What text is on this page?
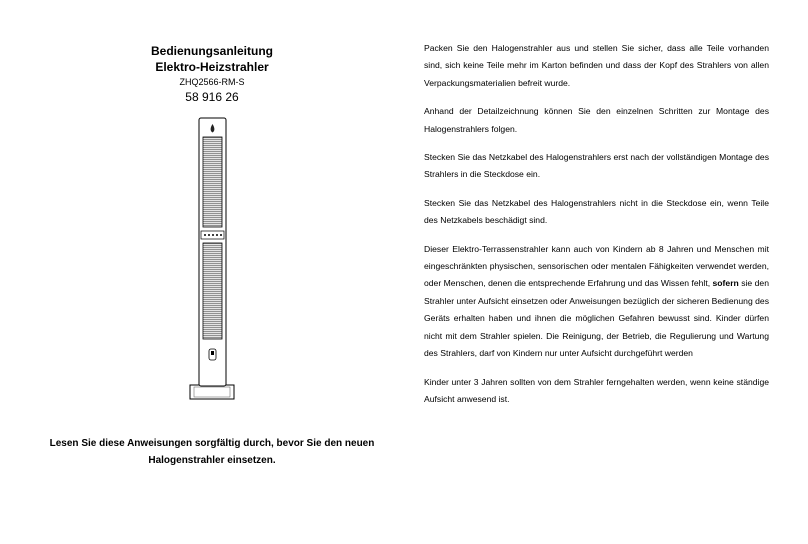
Bedienungsanleitung
Elektro-Heizstrahler
ZHQ2566-RM-S
58 916 26
Lesen Sie diese Anweisungen sorgfältig durch, bevor Sie den neuen Halogenstrahler einsetzen.

Packen Sie den Halogenstrahler aus und stellen Sie sicher, dass alle Teile vorhanden sind, sich keine Teile mehr im Karton befinden und dass der Kopf des Strahlers von allen Verpackungsmaterialien befreit wurde.

Anhand der Detailzeichnung können Sie den einzelnen Schritten zur Montage des Halogenstrahlers folgen.

Stecken Sie das Netzkabel des Halogenstrahlers erst nach der vollständigen Montage des Strahlers in die Steckdose ein.

Stecken Sie das Netzkabel des Halogenstrahlers nicht in die Steckdose ein, wenn Teile des Netzkabels beschädigt sind.

Dieser Elektro-Terrassenstrahler kann auch von Kindern ab 8 Jahren und Menschen mit eingeschränkten physischen, sensorischen oder mentalen Fähigkeiten verwendet werden, oder Menschen, denen die entsprechende Erfahrung und das Wissen fehlt, sofern sie den Strahler unter Aufsicht einsetzen oder Anweisungen bezüglich der sicheren Bedienung des Geräts erhalten haben und ihnen die möglichen Gefahren bewusst sind. Kinder dürfen nicht mit dem Strahler spielen. Die Reinigung, der Betrieb, die Regulierung und Wartung des Strahlers, darf von Kindern nur unter Aufsicht durchgeführt werden

Kinder unter 3 Jahren sollten von dem Strahler ferngehalten werden, wenn keine ständige Aufsicht anwesend ist.
